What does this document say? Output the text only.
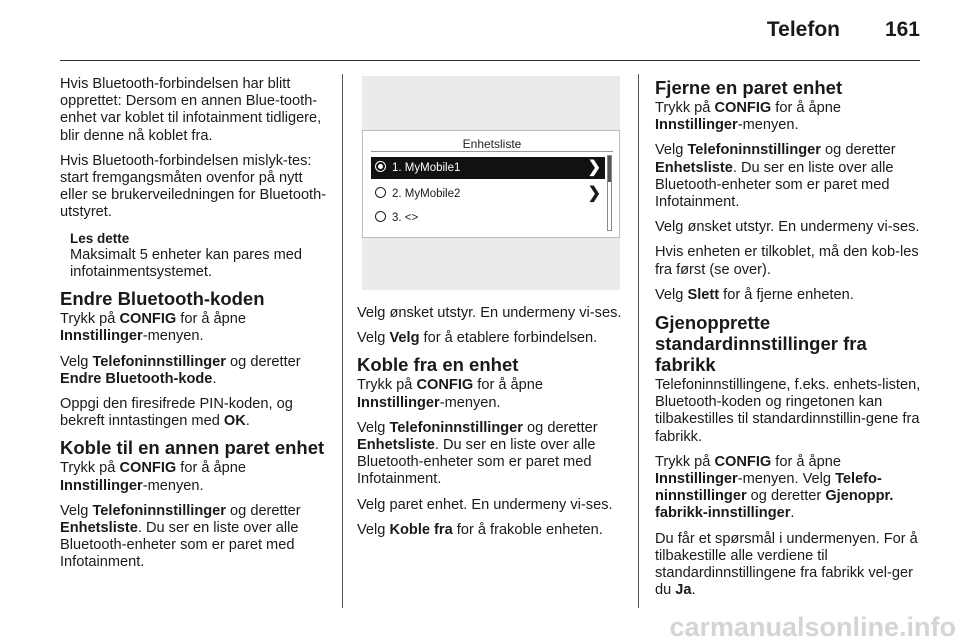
Telefon 161

Hvis Bluetooth-forbindelsen har blitt opprettet: Dersom en annen Blue-tooth-enhet var koblet til infotainment tidligere, blir denne nå koblet fra.

Hvis Bluetooth-forbindelsen mislyk-tes: start fremgangsmåten ovenfor på nytt eller se brukerveiledningen for Bluetooth-utstyret.

Les dette
Maksimalt 5 enheter kan pares med infotainmentsystemet.
Endre Bluetooth-koden

Trykk på CONFIG for å åpne
Innstillinger-menyen.

Velg Telefoninnstillinger og deretter
Endre Bluetooth-kode.

Oppgi den firesifrede PIN-koden, og bekreft inntastingen med OK.

Koble til en annen paret enhet

Trykk på CONFIG for å åpne
Innstillinger-menyen.

Velg Telefoninnstillinger og deretter
Enhetsliste. Du ser en liste over alle Bluetooth-enheter som er paret med Infotainment.

Enhetsliste
1. MyMobile1	❯
2. MyMobile2	❯
3. <>

Velg ønsket utstyr. En undermeny vi-ses.

Velg Velg for å etablere forbindelsen.

Koble fra en enhet

Trykk på CONFIG for å åpne
Innstillinger-menyen.

Velg Telefoninnstillinger og deretter
Enhetsliste. Du ser en liste over alle Bluetooth-enheter som er paret med Infotainment.

Velg paret enhet. En undermeny vi-ses.

Velg Koble fra for å frakoble enheten.

Fjerne en paret enhet

Trykk på CONFIG for å åpne
Innstillinger-menyen.

Velg Telefoninnstillinger og deretter
Enhetsliste. Du ser en liste over alle Bluetooth-enheter som er paret med Infotainment.

Velg ønsket utstyr. En undermeny vi-ses.

Hvis enheten er tilkoblet, må den kob-les fra først (se over).

Velg Slett for å fjerne enheten.

Gjenopprette standardinnstillinger fra fabrikk

Telefoninnstillingene, f.eks. enhets-listen, Bluetooth-koden og ringetonen kan tilbakestilles til standardinnstillin-gene fra fabrikk.

Trykk på CONFIG for å åpne
Innstillinger-menyen. Velg Telefo-ninnstillinger og deretter Gjenoppr. fabrikk-innstillinger.

Du får et spørsmål i undermenyen. For å tilbakestille alle verdiene til standardinnstillingene fra fabrikk vel-ger du Ja.

carmanualsonline.info
